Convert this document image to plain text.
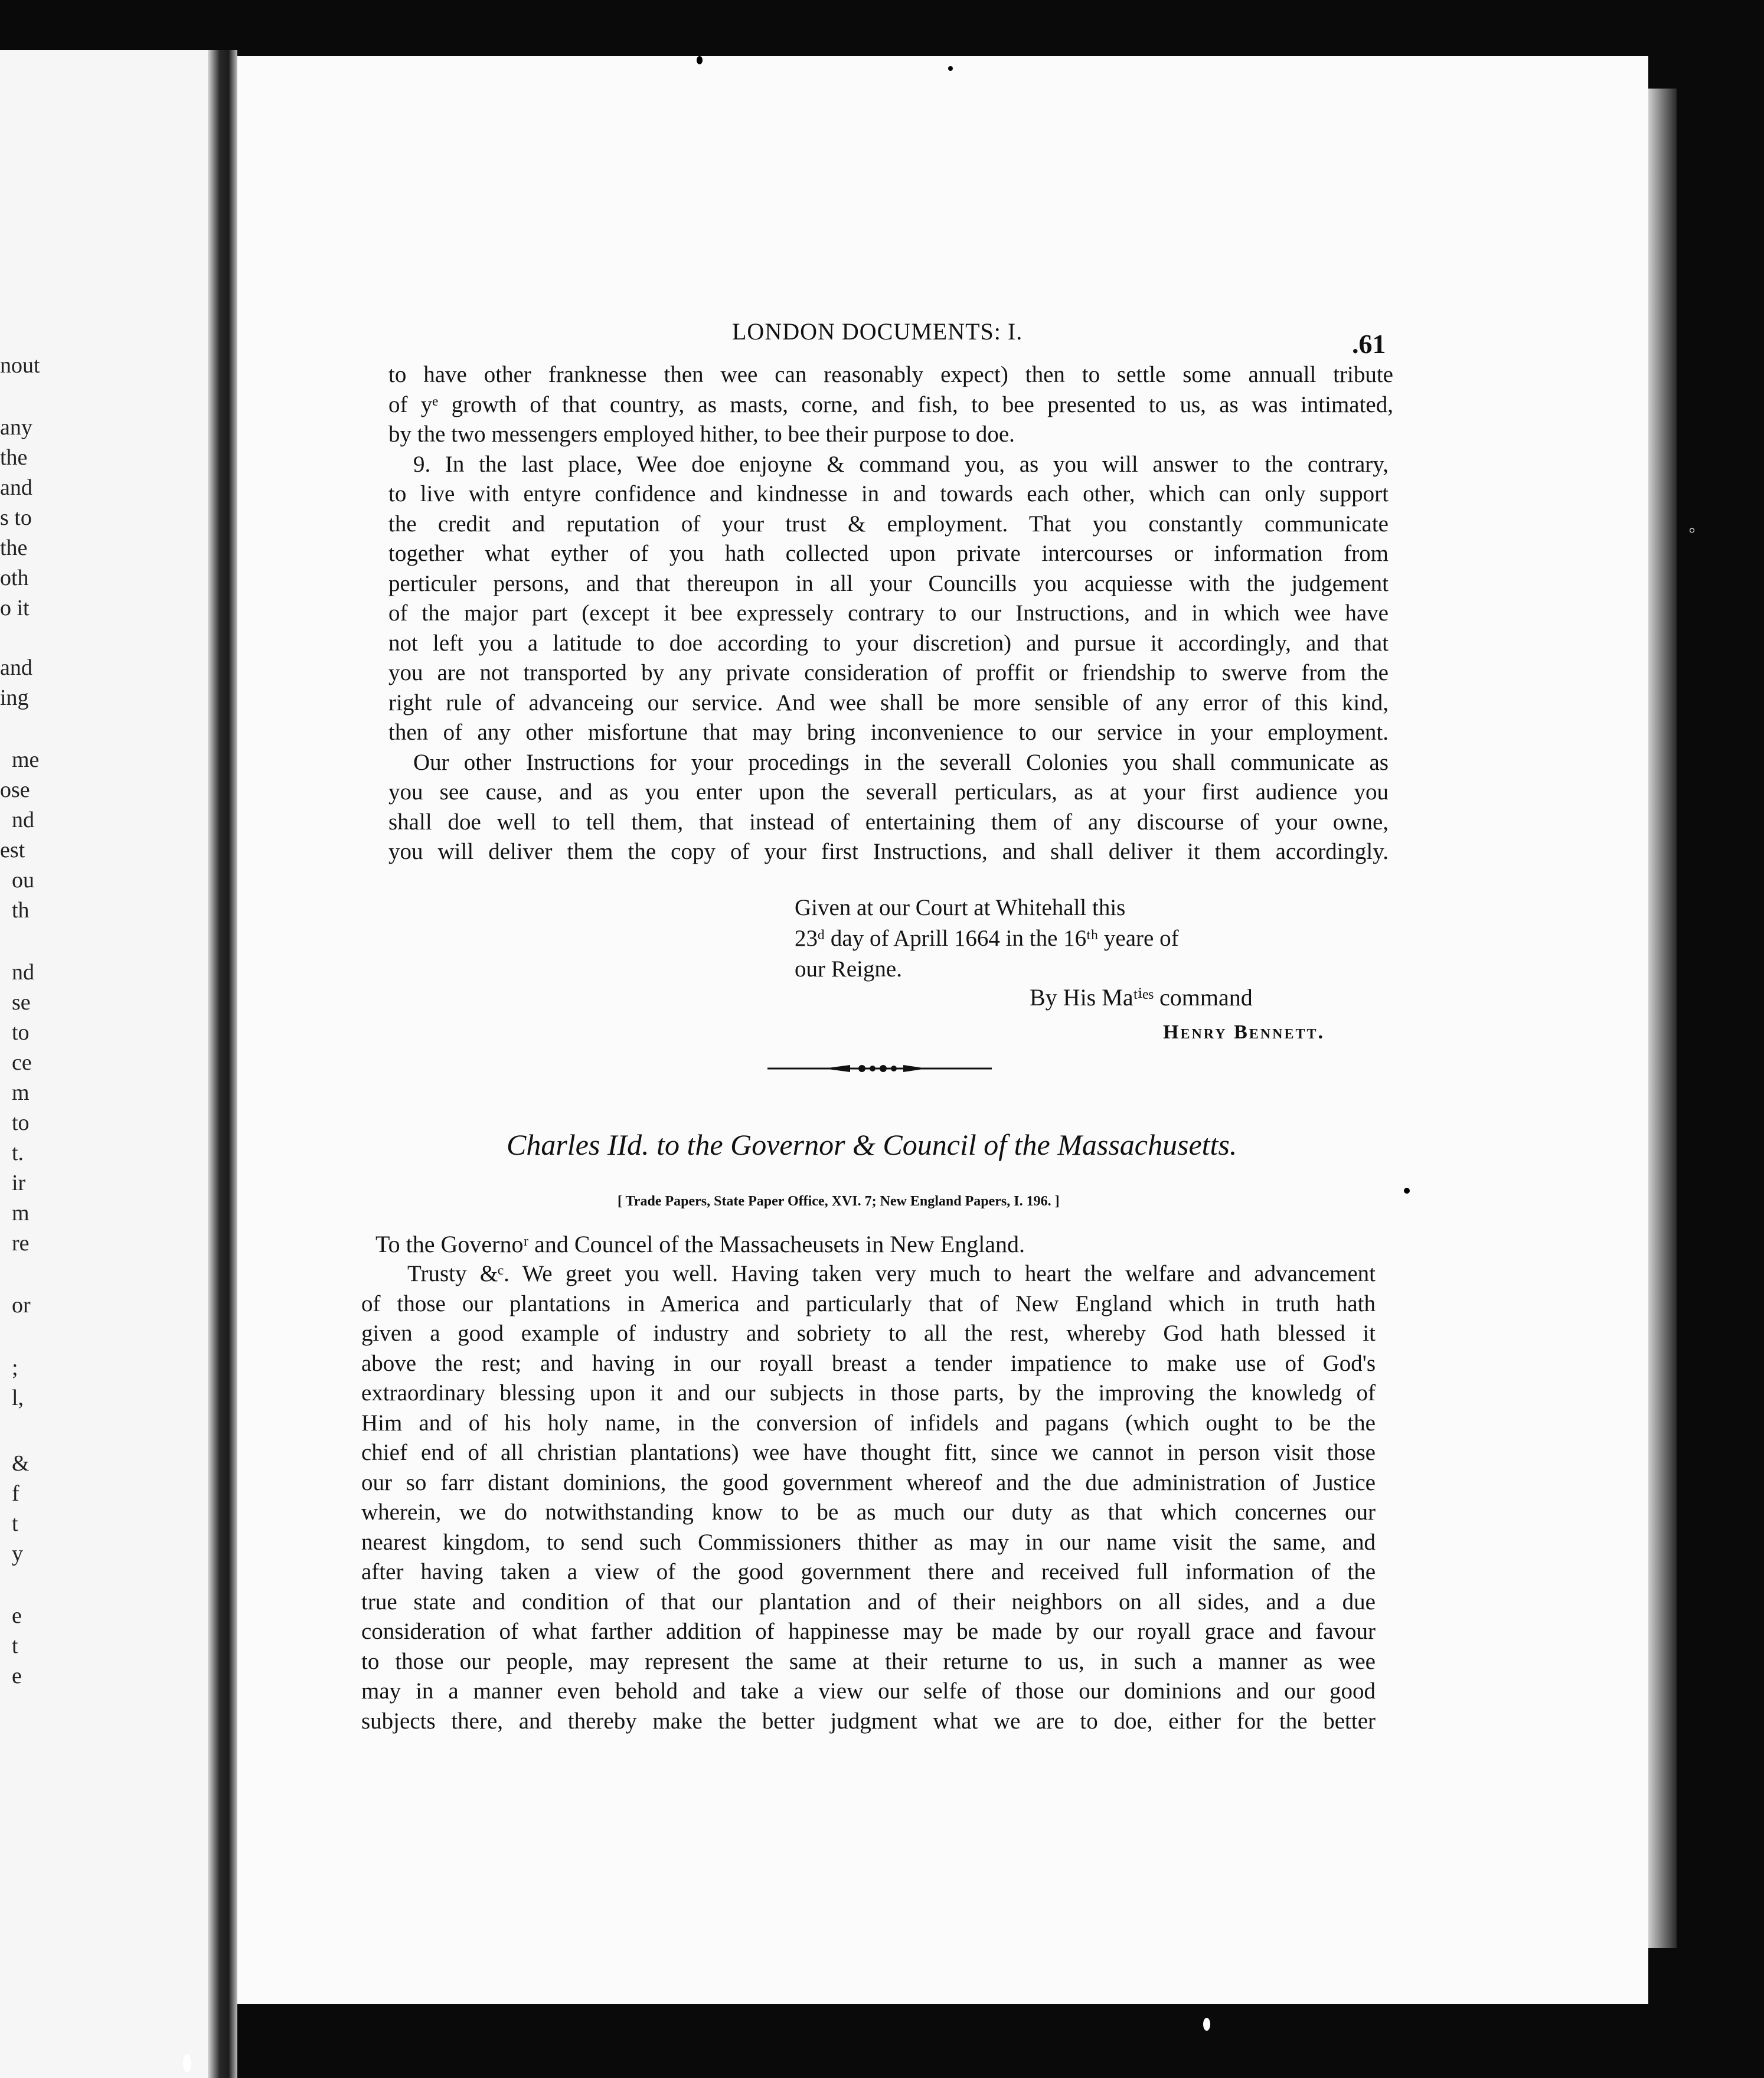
◦
nout
any
the
and
s to
the
oth
o it
and
ing
me
ose
nd
est
ou
th
nd
se
to
ce
m
to
t.
ir
m
re
or
;
l,
&
f
t
y
e
t
e
LONDON DOCUMENTS: I.	.61
to have other franknesse then wee can reasonably expect) then to settle some annuall tribute
of yᵉ growth of that country, as masts, corne, and fish, to bee presented to us, as was intimated,
by the two messengers employed hither, to bee their purpose to doe.
9. In the last place, Wee doe enjoyne & command you, as you will answer to the contrary,
to live with entyre confidence and kindnesse in and towards each other, which can only support
the credit and reputation of your trust & employment. That you constantly communicate
together what eyther of you hath collected upon private intercourses or information from
perticuler persons, and that thereupon in all your Councills you acquiesse with the judgement
of the major part (except it bee expressely contrary to our Instructions, and in which wee have
not left you a latitude to doe according to your discretion) and pursue it accordingly, and that
you are not transported by any private consideration of proffit or friendship to swerve from the
right rule of advanceing our service. And wee shall be more sensible of any error of this kind,
then of any other misfortune that may bring inconvenience to our service in your employment.
Our other Instructions for your procedings in the severall Colonies you shall communicate as
you see cause, and as you enter upon the severall perticulars, as at your first audience you
shall doe well to tell them, that instead of entertaining them of any discourse of your owne,
you will deliver them the copy of your first Instructions, and shall deliver it them accordingly.
Given at our Court at Whitehall this
23ᵈ day of Aprill 1664 in the 16ᵗʰ yeare of
our Reigne.
By His Maᵗⁱᵉˢ command
Henry Bennett.
Charles IId. to the Governor & Council of the Massachusetts.
[ Trade Papers, State Paper Office, XVI. 7; New England Papers, I. 196. ]
To the Governoʳ and Councel of the Massacheusets in New England.
Trusty &ᶜ. We greet you well. Having taken very much to heart the welfare and advancement
of those our plantations in America and particularly that of New England which in truth hath
given a good example of industry and sobriety to all the rest, whereby God hath blessed it
above the rest; and having in our royall breast a tender impatience to make use of God's
extraordinary blessing upon it and our subjects in those parts, by the improving the knowledg of
Him and of his holy name, in the conversion of infidels and pagans (which ought to be the
chief end of all christian plantations) wee have thought fitt, since we cannot in person visit those
our so farr distant dominions, the good government whereof and the due administration of Justice
wherein, we do notwithstanding know to be as much our duty as that which concernes our
nearest kingdom, to send such Commissioners thither as may in our name visit the same, and
after having taken a view of the good government there and received full information of the
true state and condition of that our plantation and of their neighbors on all sides, and a due
consideration of what farther addition of happinesse may be made by our royall grace and favour
to those our people, may represent the same at their returne to us, in such a manner as wee
may in a manner even behold and take a view our selfe of those our dominions and our good
subjects there, and thereby make the better judgment what we are to doe, either for the better
